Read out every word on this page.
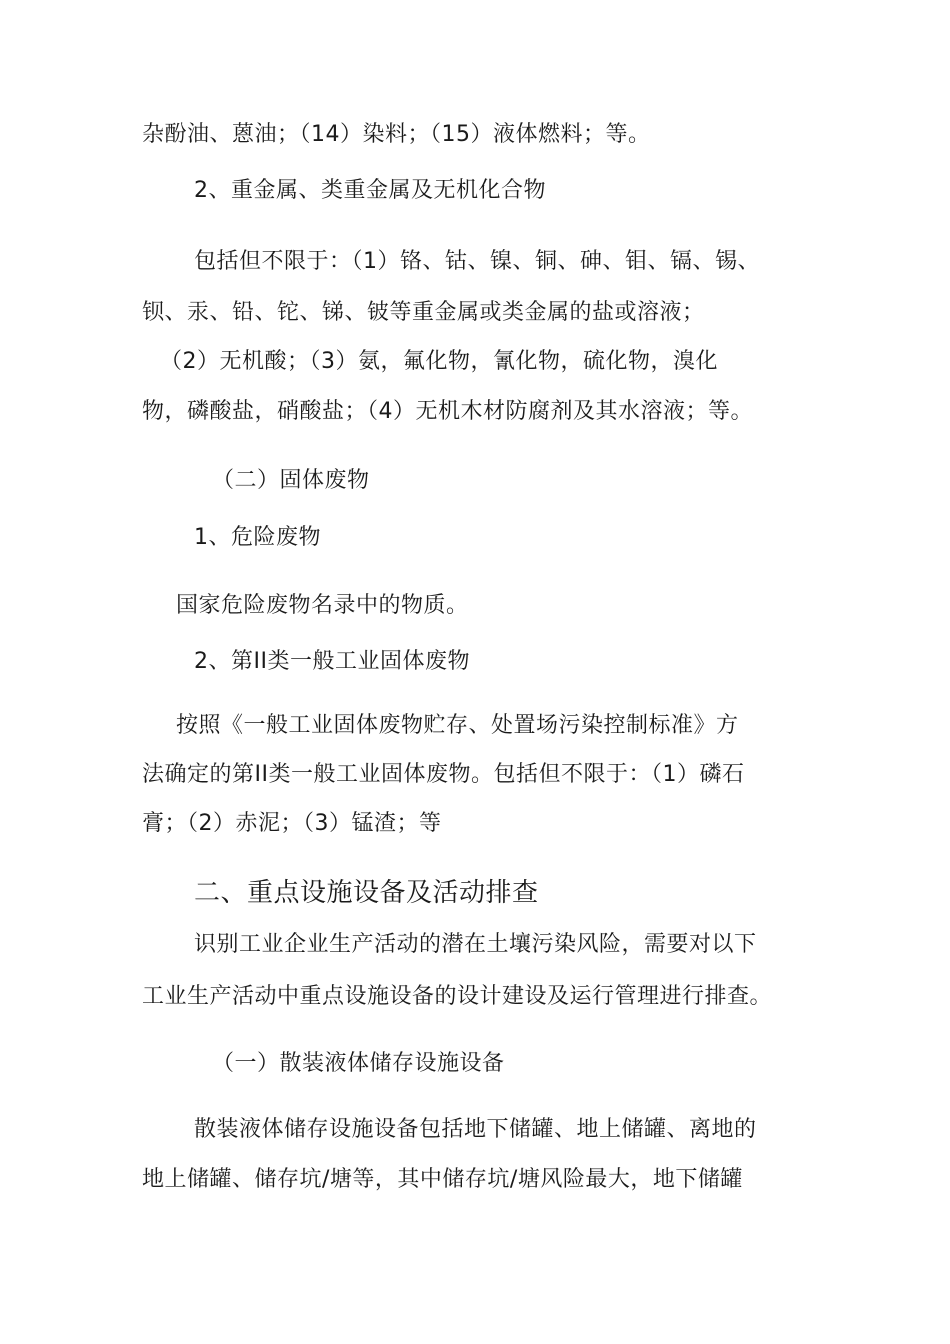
杂酚油、蒽油；（14）染料；（15）液体燃料；等。
2、重金属、类重金属及无机化合物
包括但不限于：（1）铬、钴、镍、铜、砷、钼、镉、锡、
钡、汞、铅、铊、锑、铍等重金属或类金属的盐或溶液；
（2）无机酸；（3）氨，氟化物，氰化物，硫化物，溴化
物，磷酸盐，硝酸盐；（4）无机木材防腐剂及其水溶液；等。
（二）固体废物
1、危险废物
国家危险废物名录中的物质。
2、第II类一般工业固体废物
按照《一般工业固体废物贮存、处置场污染控制标准》方
法确定的第II类一般工业固体废物。包括但不限于：（1）磷石
膏；（2）赤泥；（3）锰渣；等
二、重点设施设备及活动排查
识别工业企业生产活动的潜在土壤污染风险，需要对以下
工业生产活动中重点设施设备的设计建设及运行管理进行排查。
（一）散装液体储存设施设备
散装液体储存设施设备包括地下储罐、地上储罐、离地的
地上储罐、储存坑/塘等，其中储存坑/塘风险最大，地下储罐
